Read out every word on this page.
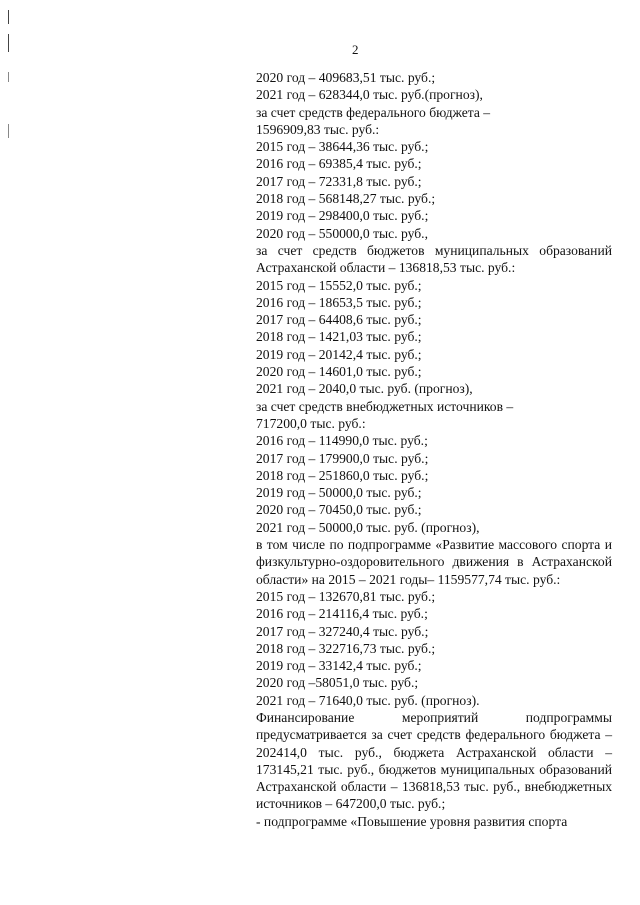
2
2020 год – 409683,51 тыс. руб.;
2021 год – 628344,0 тыс. руб.(прогноз),
за счет средств федерального бюджета –
1596909,83 тыс. руб.:
2015 год – 38644,36 тыс. руб.;
2016 год – 69385,4 тыс. руб.;
2017 год – 72331,8 тыс. руб.;
2018 год – 568148,27 тыс. руб.;
2019 год – 298400,0 тыс. руб.;
2020 год – 550000,0 тыс. руб.,
за счет средств бюджетов муниципальных образований Астраханской области – 136818,53 тыс. руб.:
2015 год – 15552,0 тыс. руб.;
2016 год – 18653,5 тыс. руб.;
2017 год – 64408,6 тыс. руб.;
2018 год – 1421,03 тыс. руб.;
2019 год – 20142,4 тыс. руб.;
2020 год – 14601,0 тыс. руб.;
2021 год – 2040,0 тыс. руб. (прогноз),
за счет средств внебюджетных источников –
717200,0 тыс. руб.:
2016 год – 114990,0 тыс. руб.;
2017 год – 179900,0 тыс. руб.;
2018 год – 251860,0 тыс. руб.;
2019 год – 50000,0 тыс. руб.;
2020 год – 70450,0 тыс. руб.;
2021 год – 50000,0 тыс. руб. (прогноз),
в том числе по подпрограмме «Развитие массового спорта и физкультурно-оздоровительного движения в Астраханской области» на 2015 – 2021 годы– 1159577,74 тыс. руб.:
2015 год – 132670,81 тыс. руб.;
2016 год – 214116,4 тыс. руб.;
2017 год – 327240,4 тыс. руб.;
2018 год – 322716,73 тыс. руб.;
2019 год – 33142,4 тыс. руб.;
2020 год –58051,0 тыс. руб.;
2021 год – 71640,0 тыс. руб. (прогноз).
Финансирование мероприятий подпрограммы предусматривается за счет средств федерального бюджета – 202414,0 тыс. руб., бюджета Астраханской области – 173145,21 тыс. руб., бюджетов муниципальных образований Астраханской области – 136818,53 тыс. руб., внебюджетных источников – 647200,0 тыс. руб.;
- подпрограмме «Повышение уровня развития спорта
